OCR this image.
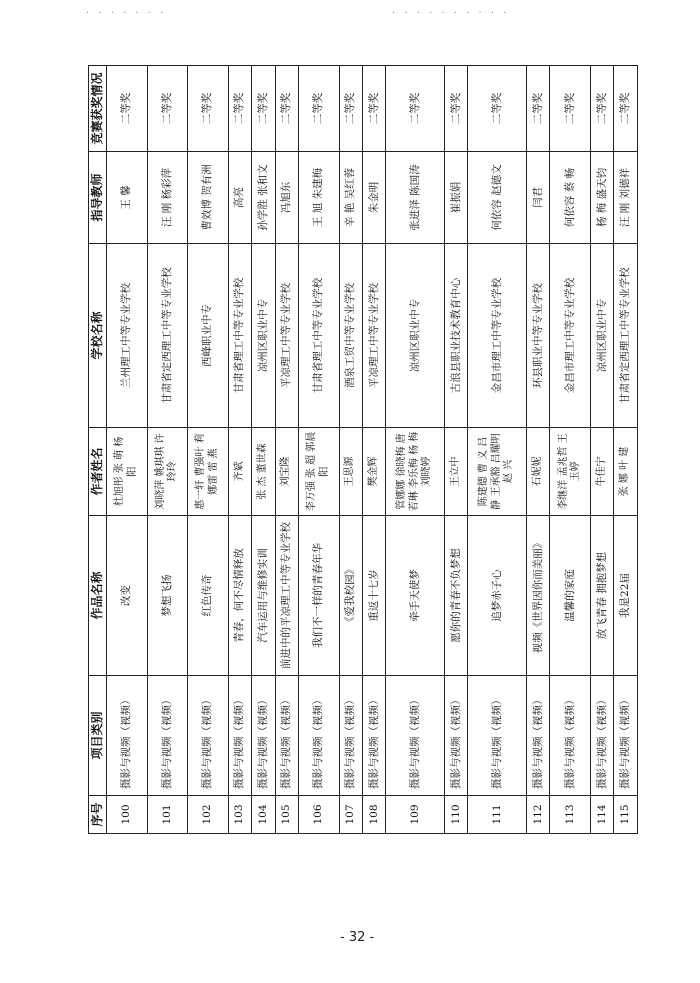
· · · · · · ·	· · · · · · · · · ·
序号	项目类别	作品名称	作者姓名	学校名称	指导教师	竞赛获奖情况
100	摄影与视频（视频）	改变	杜旭彤 张 萌 杨 阳	兰州理工中等专业学校	王 馨	二等奖
101	摄影与视频（视频）	梦想飞扬	刘晓萍 姚琪琪 许玲玲	甘肃省定西理工中等专业学校	汪 刚 杨彩萍	二等奖
102	摄影与视频（视频）	红色传奇	惠一轩 曹强叶 莉娜雷 雷 燕	西峰职业中专	曹效博 贺有洲	二等奖
103	摄影与视频（视频）	青春，何不尽情释放	齐斌	甘肃省理工中等专业学校	高亮	二等奖
104	摄影与视频（视频）	汽车运用与维修实训	张 杰 董世森	凉州区职业中专	孙学胜 张和文	二等奖
105	摄影与视频（视频）	前进中的平凉理工中等专业学校	刘宝隆	平凉理工中等专业学校	冯旭东	二等奖
106	摄影与视频（视频）	我们不一样的青春年华	李万强 张 超 郭晨阳	甘肃省理工中等专业学校	王 旭 朱建梅	二等奖
107	摄影与视频（视频）	《爱我校园》	王思源	酒泉工贸中等专业学校	辛 艳 吴红蓉	二等奖
108	摄影与视频（视频）	重返十七岁	樊金辉	平凉理工中等专业学校	朱金明	二等奖
109	摄影与视频（视频）	牵手天使梦	管娜娜 徐晓梅 唐若琳 李乐梅 杨 梅 刘晓婷	凉州区职业中专	张进泽 陈国涛	二等奖
110	摄影与视频（视频）	愿你的青春不负梦想	王立中	古浪县职业技术教育中心	崔振娟	二等奖
111	摄影与视频（视频）	追梦赤子心	陈建德 曹 义 吕 静 王承豁 吕耀明 赵 兴	金昌市理工中等专业学校	何依容 赵德文	二等奖
112	摄影与视频（视频）	视频《世界因你而美丽》	石妮妮	环县职业中等专业学校	闫君	二等奖
113	摄影与视频（视频）	温馨的家庭	李继洋 孟兆哲 王玉婷	金昌市理工中等专业学校	何依容 蔡 畅	二等奖
114	摄影与视频（视频）	放飞青春 拥抱梦想	牛佳宁	凉州区职业中专	杨 梅 盛天钧	二等奖
115	摄影与视频（视频）	我是22届	张 娜 叶 建	甘肃省定西理工中等专业学校	汪 刚 刘德祥	二等奖
- 32 -
